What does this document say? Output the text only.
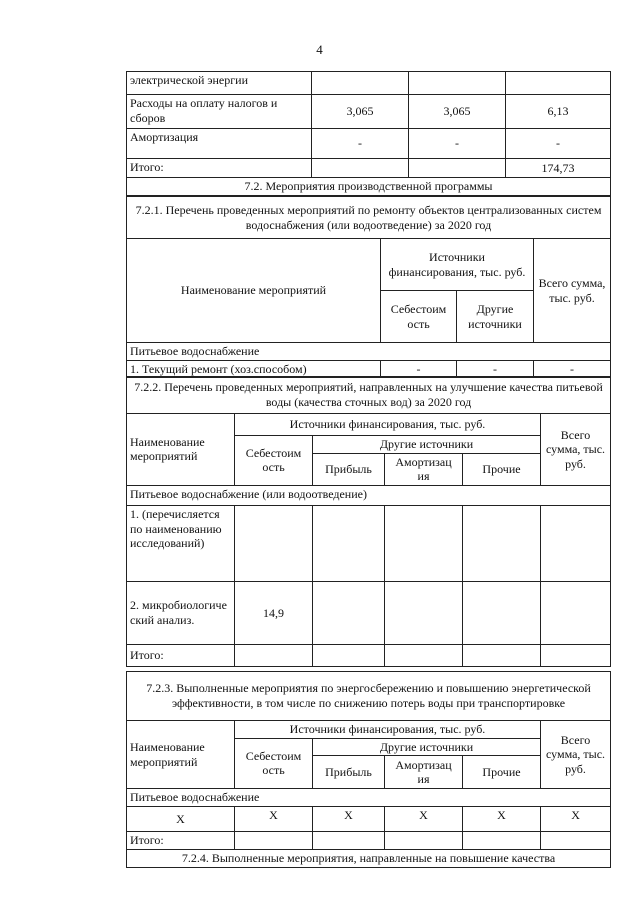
4
электрической энергии			
Расходы на оплату налогов и сборов	3,065	3,065	6,13
Амортизация	-	-	-
Итого:			174,73
7.2. Мероприятия производственной программы			
7.2.1. Перечень проведенных мероприятий по ремонту объектов централизованных систем водоснабжения (или водоотведение) за 2020 год			
Наименование мероприятий	Источники финансирования, тыс. руб.		Всего сумма, тыс. руб.
	Себестоим ость	Другие источники	
Питьевое водоснабжение			
1. Текущий ремонт (хоз.способом)	-	-	-
7.2.2. Перечень проведенных мероприятий, направленных на улучшение качества питьевой воды (качества сточных вод) за 2020 год					
Наименование мероприятий	Источники финансирования, тыс. руб.				Всего сумма, тыс. руб.
	Себестоим ость	Другие источники			
		Прибыль	Амортизац ия	Прочие	
Питьевое водоснабжение (или водоотведение)					
1. (перечисляется по наименованию исследований)					
2. микробиологиче ский анализ.	14,9				
Итого:					
7.2.3. Выполненные мероприятия по энергосбережению и повышению энергетической эффективности, в том числе по снижению потерь воды при транспортировке					
Наименование мероприятий	Источники финансирования, тыс. руб.				Всего сумма, тыс. руб.
	Себестоим ость	Другие источники			
		Прибыль	Амортизац ия	Прочие	
Питьевое водоснабжение					
X	X	X	X	X	X
Итого:					
7.2.4. Выполненные мероприятия, направленные на повышение качества					
